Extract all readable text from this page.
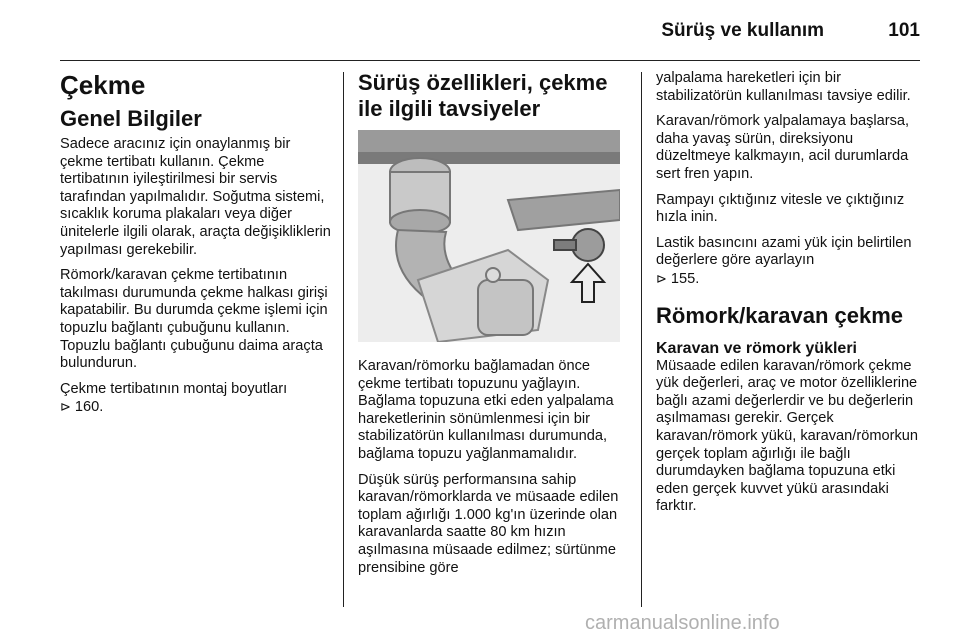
Sürüş ve kullanım	101
Çekme
Genel Bilgiler

Sadece aracınız için onaylanmış bir çekme tertibatı kullanın. Çekme tertibatının iyileştirilmesi bir servis tarafından yapılmalıdır. Soğutma sistemi, sıcaklık koruma plakaları veya diğer ünitelerle ilgili olarak, araçta değişikliklerin yapılması gerekebilir.

Römork/karavan çekme tertibatının takılması durumunda çekme halkası girişi kapatabilir. Bu durumda çekme işlemi için topuzlu bağlantı çubuğunu kullanın. Topuzlu bağlantı çubuğunu daima araçta bulundurun.

Çekme tertibatının montaj boyutları
⊳ 160.

Sürüş özellikleri, çekme ile ilgili tavsiyeler

Karavan/römorku bağlamadan önce çekme tertibatı topuzunu yağlayın. Bağlama topuzuna etki eden yalpalama hareketlerinin sönümlenmesi için bir stabilizatörün kullanılması durumunda, bağlama topuzu yağlanmamalıdır.

Düşük sürüş performansına sahip karavan/römorklarda ve müsaade edilen toplam ağırlığı 1.000 kg'ın üzerinde olan karavanlarda saatte 80 km hızın aşılmasına müsaade edilmez; sürtünme prensibine göre

yalpalama hareketleri için bir stabilizatörün kullanılması tavsiye edilir.

Karavan/römork yalpalamaya başlarsa, daha yavaş sürün, direksiyonu düzeltmeye kalkmayın, acil durumlarda sert fren yapın.

Rampayı çıktığınız vitesle ve çıktığınız hızla inin.

Lastik basıncını azami yük için belirtilen değerlere göre ayarlayın
⊳ 155.

Römork/karavan çekme
Karavan ve römork yükleri

Müsaade edilen karavan/römork çekme yük değerleri, araç ve motor özelliklerine bağlı azami değerlerdir ve bu değerlerin aşılmaması gerekir. Gerçek karavan/römork yükü, karavan/römorkun gerçek toplam ağırlığı ile bağlı durumdayken bağlama topuzuna etki eden gerçek kuvvet yükü arasındaki farktır.

carmanualsonline.info
